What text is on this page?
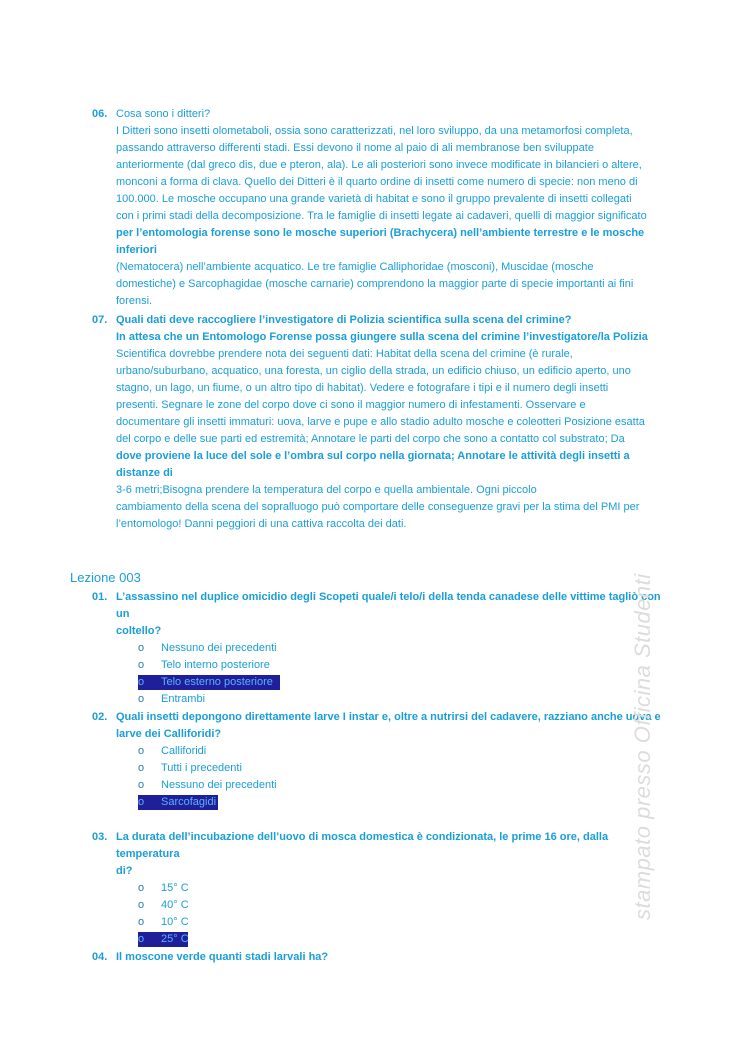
06. Cosa sono i ditteri?
I Ditteri sono insetti olometaboli, ossia sono caratterizzati, nel loro sviluppo, da una metamorfosi completa,
passando attraverso differenti stadi. Essi devono il nome al paio di ali membranose ben sviluppate
anteriormente (dal greco dis, due e pteron, ala). Le ali posteriori sono invece modificate in bilancieri o altere,
monconi a forma di clava. Quello dei Ditteri è il quarto ordine di insetti come numero di specie: non meno di
100.000. Le mosche occupano una grande varietà di habitat e sono il gruppo prevalente di insetti collegati
con i primi stadi della decomposizione. Tra le famiglie di insetti legate ai cadaveri, quelli di maggior significato
per l’entomologia forense sono le mosche superiori (Brachycera) nell’ambiente terrestre e le mosche inferiori
(Nematocera) nell’ambiente acquatico. Le tre famiglie Calliphoridae (mosconi), Muscidae (mosche
domestiche) e Sarcophagidae (mosche carnarie) comprendono la maggior parte di specie importanti ai fini
forensi.
07. Quali dati deve raccogliere l’investigatore di Polizia scientifica sulla scena del crimine?
In attesa che un Entomologo Forense possa giungere sulla scena del crimine l’investigatore/la Polizia
Scientifica dovrebbe prendere nota dei seguenti dati: Habitat della scena del crimine (è rurale,
urbano/suburbano, acquatico, una foresta, un ciglio della strada, un edificio chiuso, un edificio aperto, uno
stagno, un lago, un fiume, o un altro tipo di habitat). Vedere e fotografare i tipi e il numero degli insetti
presenti. Segnare le zone del corpo dove ci sono il maggior numero di infestamenti. Osservare e
documentare gli insetti immaturi: uova, larve e pupe e allo stadio adulto mosche e coleotteri Posizione esatta
del corpo e delle sue parti ed estremità; Annotare le parti del corpo che sono a contatto col substrato; Da
dove proviene la luce del sole e l’ombra sul corpo nella giornata; Annotare le attività degli insetti a distanze di
3-6 metri;Bisogna prendere la temperatura del corpo e quella ambientale. Ogni piccolo
cambiamento della scena del sopralluogo può comportare delle conseguenze gravi per la stima del PMI per
l’entomologo! Danni peggiori di una cattiva raccolta dei dati.
Lezione 003
01. L’assassino nel duplice omicidio degli Scopeti quale/i telo/i della tenda canadese delle vittime tagliò con un
coltello?
o	Nessuno dei precedenti
o	Telo interno posteriore
o	Telo esterno posteriore
o	Entrambi
02. Quali insetti depongono direttamente larve I instar e, oltre a nutrirsi del cadavere, razziano anche uova e
larve dei Calliforidi?
o	Calliforidi
o	Tutti i precedenti
o	Nessuno dei precedenti
o	Sarcofagidi
03. La durata dell’incubazione dell’uovo di mosca domestica è condizionata, le prime 16 ore, dalla temperatura
di?
o	15° C
o	40° C
o	10° C
o	25° C
04. Il moscone verde quanti stadi larvali ha?
stampato presso Officina Studenti
